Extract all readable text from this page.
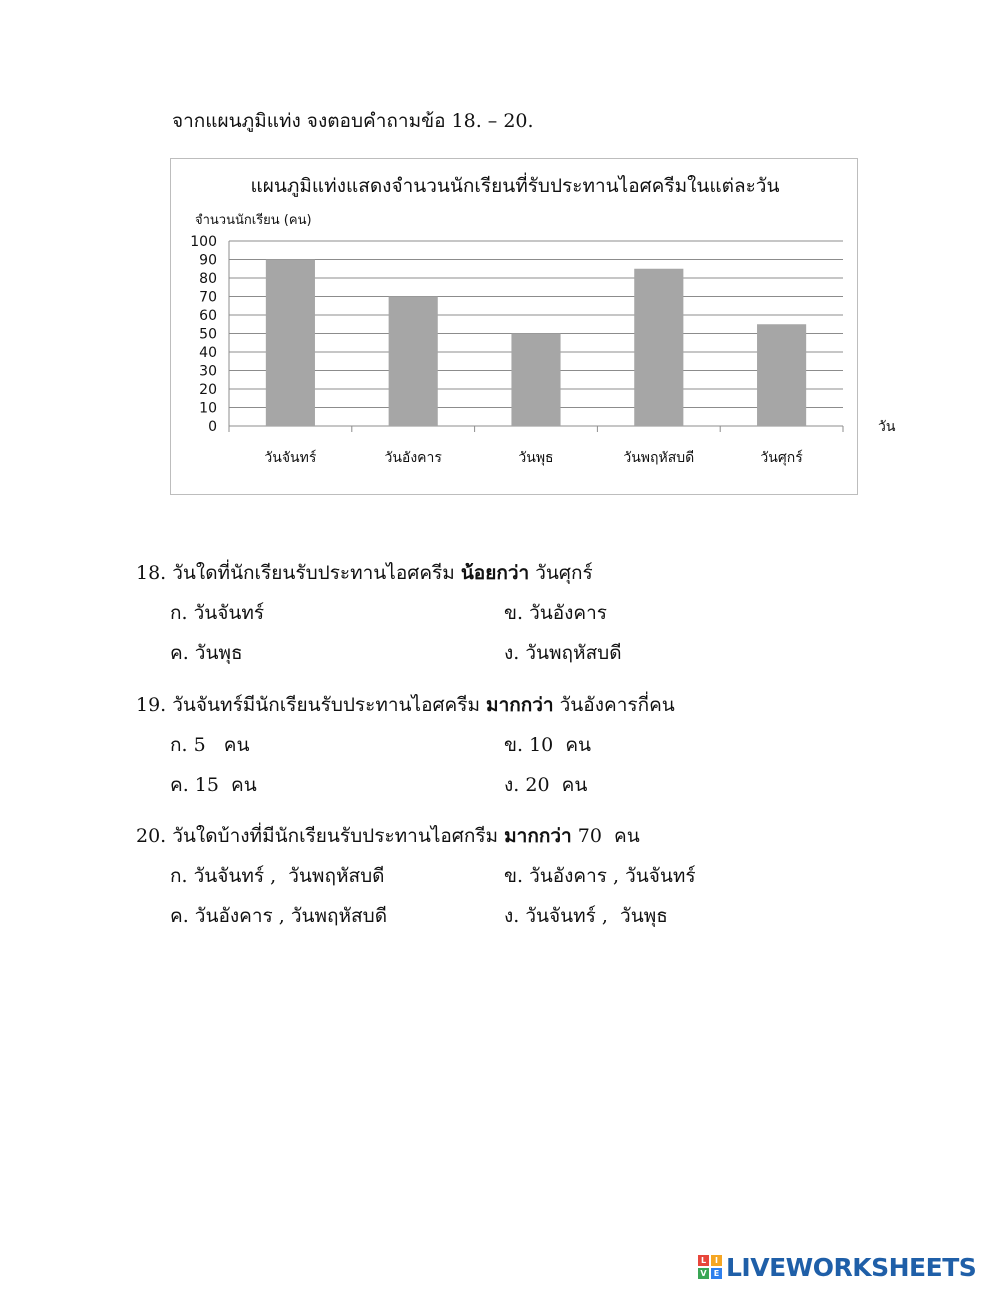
จากแผนภูมิแท่ง จงตอบคำถามข้อ 18. – 20.
แผนภูมิแท่งแสดงจำนวนนักเรียนที่รับประทานไอศครีมในแต่ละวัน
จำนวนนักเรียน (คน)
0
10
20
30
40
50
60
70
80
90
100
วันจันทร์	วันอังคาร	วันพุธ	วันพฤหัสบดี	วันศุกร์
วัน
18. วันใดที่นักเรียนรับประทานไอศครีม น้อยกว่า วันศุกร์
ก. วันจันทร์	ข. วันอังคาร
ค. วันพุธ	ง. วันพฤหัสบดี
19. วันจันทร์มีนักเรียนรับประทานไอศครีม มากกว่า วันอังคารกี่คน
ก. 5   คน	ข. 10  คน
ค. 15  คน	ง. 20  คน
20. วันใดบ้างที่มีนักเรียนรับประทานไอศกรีม มากกว่า 70  คน
ก. วันจันทร์ ,  วันพฤหัสบดี	ข. วันอังคาร , วันจันทร์
ค. วันอังคาร , วันพฤหัสบดี	ง. วันจันทร์ ,  วันพุธ
L	I
V E LIVEWORKSHEETS
